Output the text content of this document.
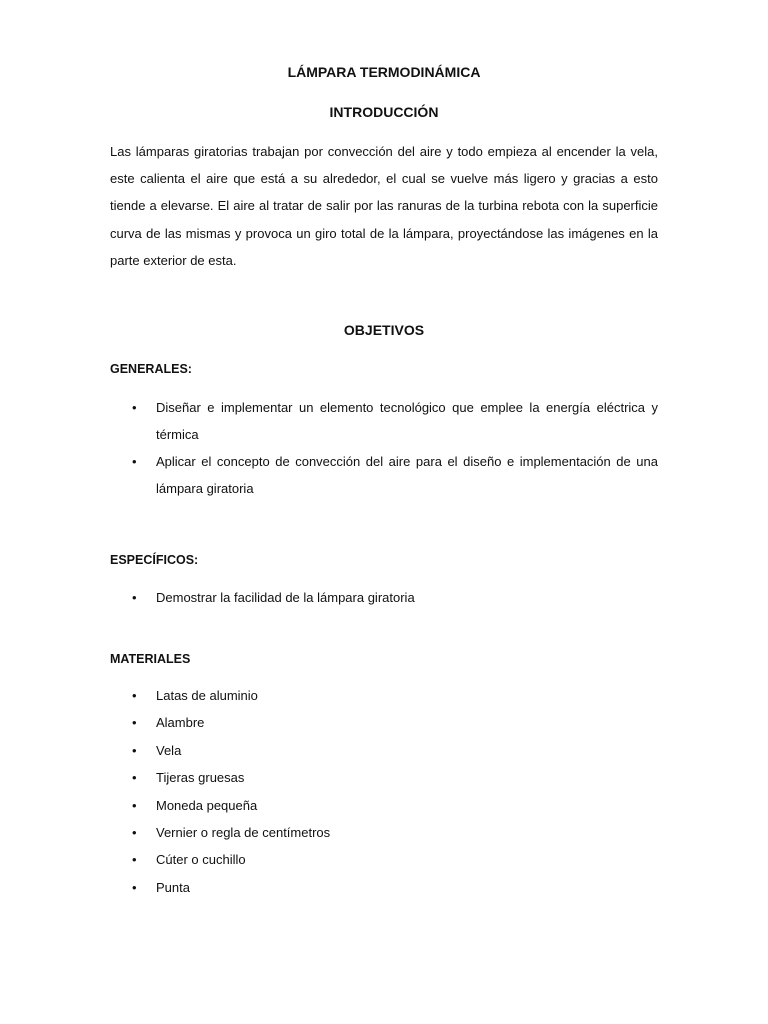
LÁMPARA TERMODINÁMICA
INTRODUCCIÓN
Las lámparas giratorias trabajan por convección del aire y todo empieza al encender la vela, este calienta el aire que está a su alrededor, el cual se vuelve más ligero y gracias a esto tiende a elevarse. El aire al tratar de salir por las ranuras de la turbina rebota con la superficie curva de las mismas y provoca un giro total de la lámpara, proyectándose las imágenes en la parte exterior de esta.
OBJETIVOS
GENERALES:
• Diseñar e implementar un elemento tecnológico que emplee la energía eléctrica y térmica
• Aplicar el concepto de convección del aire para el diseño e implementación de una lámpara giratoria
ESPECÍFICOS:
• Demostrar la facilidad de la lámpara giratoria
MATERIALES
• Latas de aluminio
• Alambre
• Vela
• Tijeras gruesas
• Moneda pequeña
• Vernier o regla de centímetros
• Cúter o cuchillo
• Punta
